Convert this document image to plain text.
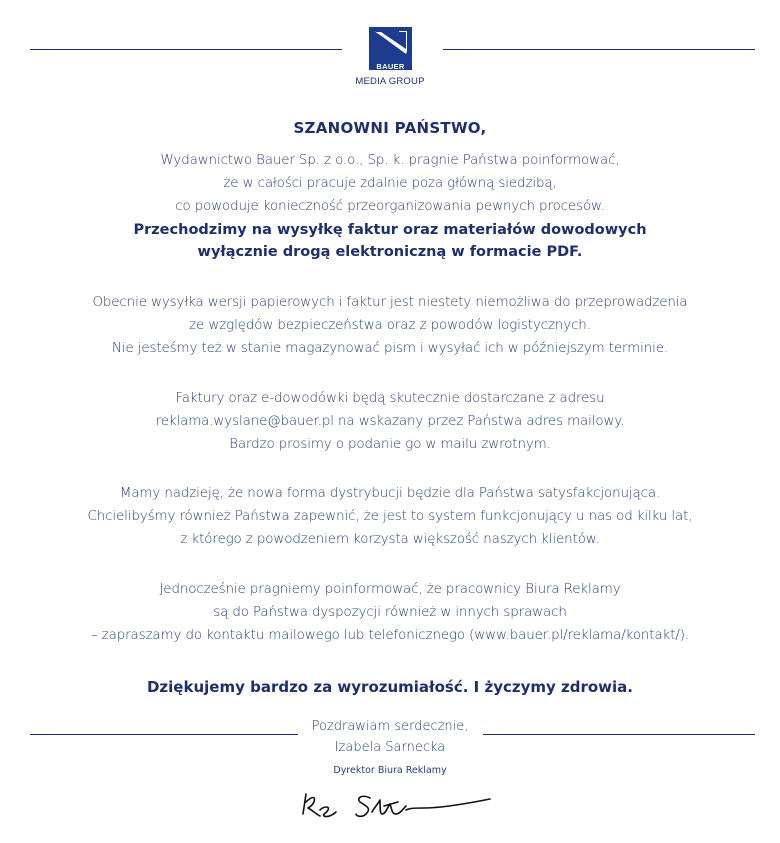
BAUER
MEDIA GROUP
SZANOWNI PAŃSTWO,
Wydawnictwo Bauer Sp. z o.o., Sp. k. pragnie Państwa poinformować,
że w całości pracuje zdalnie poza główną siedzibą,
co powoduje konieczność przeorganizowania pewnych procesów.
Przechodzimy na wysyłkę faktur oraz materiałów dowodowych
wyłącznie drogą elektroniczną w formacie PDF.
Obecnie wysyłka wersji papierowych i faktur jest niestety niemożliwa do przeprowadzenia
ze względów bezpieczeństwa oraz z powodów logistycznych.
Nie jesteśmy też w stanie magazynować pism i wysyłać ich w późniejszym terminie.
Faktury oraz e-dowodówki będą skutecznie dostarczane z adresu
reklama.wyslane@bauer.pl na wskazany przez Państwa adres mailowy.
Bardzo prosimy o podanie go w mailu zwrotnym.
Mamy nadzieję, że nowa forma dystrybucji będzie dla Państwa satysfakcjonująca.
Chcielibyśmy również Państwa zapewnić, że jest to system funkcjonujący u nas od kilku lat,
z którego z powodzeniem korzysta większość naszych klientów.
Jednocześnie pragniemy poinformować, że pracownicy Biura Reklamy
są do Państwa dyspozycji również w innych sprawach
– zapraszamy do kontaktu mailowego lub telefonicznego (www.bauer.pl/reklama/kontakt/).
Dziękujemy bardzo za wyrozumiałość. I życzymy zdrowia.
Pozdrawiam serdecznie,
Izabela Sarnecka
Dyrektor Biura Reklamy
